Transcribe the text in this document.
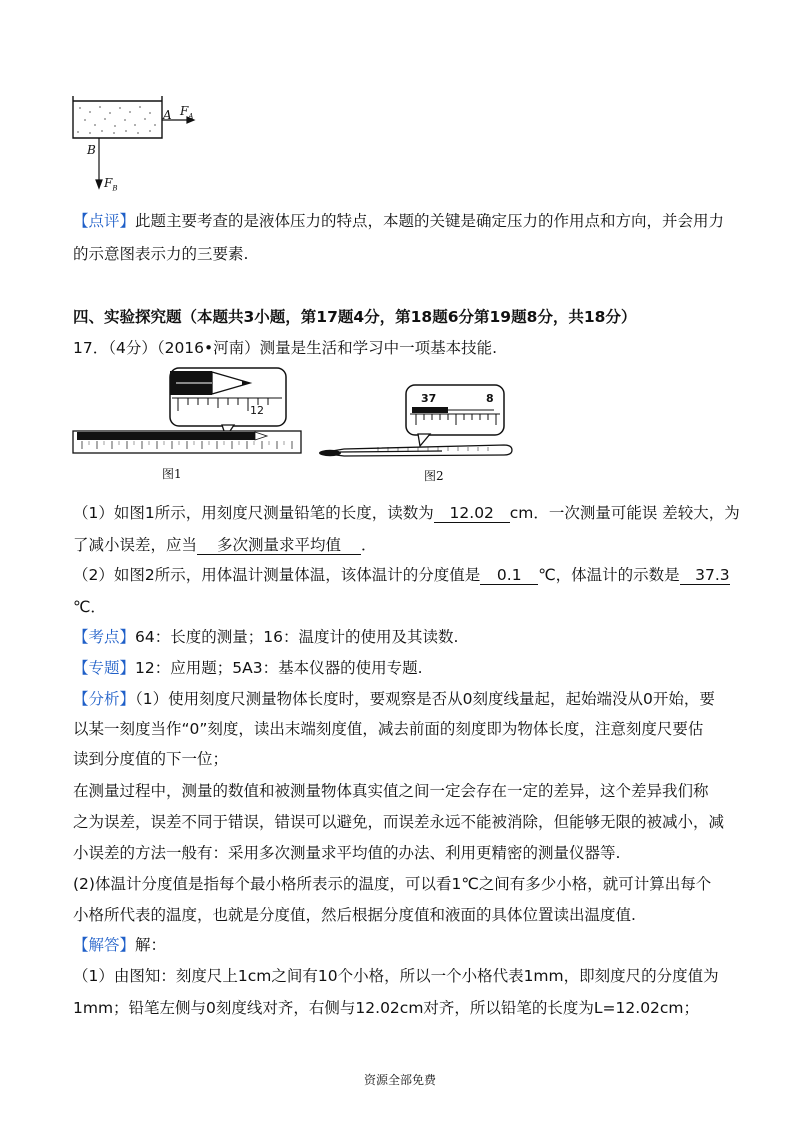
A $F_A$
B
$F_B$
【点评】此题主要考查的是液体压力的特点，本题的关键是确定压力的作用点和方向，并会用力
的示意图表示力的三要素.
四、实验探究题（本题共3小题，第17题4分，第18题6分第19题8分，共18分）
17．（4分）（2016•河南）测量是生活和学习中一项基本技能.
12
图1
37	8
图2
（1）如图1所示，用刻度尺测量铅笔的长度，读数为 12.02 cm．一次测量可能误 差较大，为
了减小误差，应当 多次测量求平均值 ．
（2）如图2所示，用体温计测量体温，该体温计的分度值是 0.1 ℃，体温计的示数是 37.3
℃．
【考点】64：长度的测量；16：温度计的使用及其读数.
【专题】12：应用题；5A3：基本仪器的使用专题.
【分析】（1）使用刻度尺测量物体长度时，要观察是否从0刻度线量起，起始端没从0开始，要
以某一刻度当作“0”刻度，读出末端刻度值，减去前面的刻度即为物体长度，注意刻度尺要估
读到分度值的下一位；
在测量过程中，测量的数值和被测量物体真实值之间一定会存在一定的差异，这个差异我们称
之为误差，误差不同于错误，错误可以避免，而误差永远不能被消除，但能够无限的被减小，减
小误差的方法一般有：采用多次测量求平均值的办法、利用更精密的测量仪器等.
(2)体温计分度值是指每个最小格所表示的温度，可以看1℃之间有多少小格，就可计算出每个
小格所代表的温度，也就是分度值，然后根据分度值和液面的具体位置读出温度值.
【解答】解：
（1）由图知：刻度尺上1cm之间有10个小格，所以一个小格代表1mm，即刻度尺的分度值为
1mm；铅笔左侧与0刻度线对齐，右侧与12.02cm对齐，所以铅笔的长度为L=12.02cm；
资源全部免费
